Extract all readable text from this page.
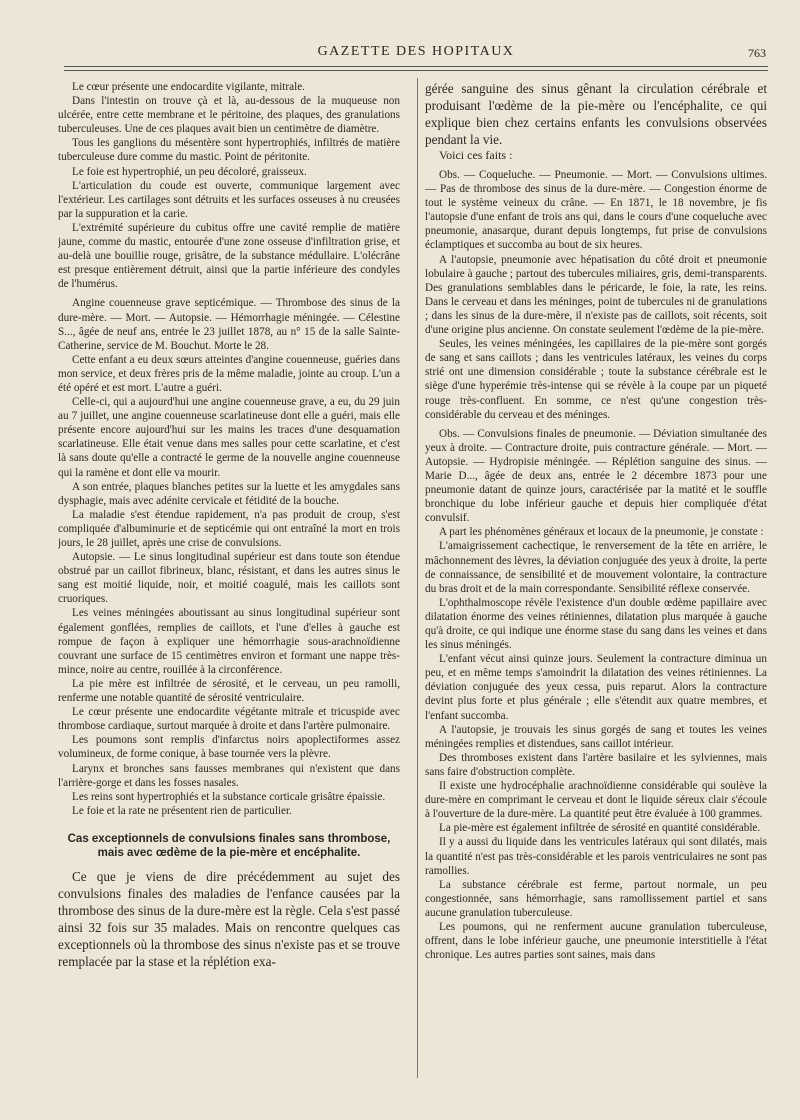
GAZETTE DES HOPITAUX	763

Le cœur présente une endocardite vigilante, mitrale.

Dans l'intestin on trouve çà et là, au-dessous de la muqueuse non ulcérée, entre cette membrane et le péritoine, des plaques, des granulations tuberculeuses. Une de ces plaques avait bien un centimètre de diamètre.

Tous les ganglions du mésentère sont hypertrophiés, infiltrés de matière tuberculeuse dure comme du mastic. Point de péritonite.

Le foie est hypertrophié, un peu décoloré, graisseux.

L'articulation du coude est ouverte, communique largement avec l'extérieur. Les cartilages sont détruits et les surfaces osseuses à nu creusées par la suppuration et la carie.

L'extrémité supérieure du cubitus offre une cavité remplie de matière jaune, comme du mastic, entourée d'une zone osseuse d'infiltration grise, et au-delà une bouillie rouge, grisâtre, de la substance médullaire. L'olécrâne est presque entièrement détruit, ainsi que la partie inférieure des condyles de l'humérus.

Angine couenneuse grave septicémique. — Thrombose des sinus de la dure-mère. — Mort. — Autopsie. — Hémorrhagie méningée. — Célestine S..., âgée de neuf ans, entrée le 23 juillet 1878, au n° 15 de la salle Sainte-Catherine, service de M. Bouchut. Morte le 28.

Cette enfant a eu deux sœurs atteintes d'angine couenneuse, guéries dans mon service, et deux frères pris de la même maladie, jointe au croup. L'un a été opéré et est mort. L'autre a guéri.

Celle-ci, qui a aujourd'hui une angine couenneuse grave, a eu, du 29 juin au 7 juillet, une angine couenneuse scarlatineuse dont elle a guéri, mais elle présente encore aujourd'hui sur les mains les traces d'une desquamation scarlatineuse. Elle était venue dans mes salles pour cette scarlatine, et c'est là sans doute qu'elle a contracté le germe de la nouvelle angine couenneuse qui la ramène et dont elle va mourir.

A son entrée, plaques blanches petites sur la luette et les amygdales sans dysphagie, mais avec adénite cervicale et fétidité de la bouche.

La maladie s'est étendue rapidement, n'a pas produit de croup, s'est compliquée d'albuminurie et de septicémie qui ont entraîné la mort en trois jours, le 28 juillet, après une crise de convulsions.

Autopsie. — Le sinus longitudinal supérieur est dans toute son étendue obstrué par un caillot fibrineux, blanc, résistant, et dans les autres sinus le sang est moitié liquide, noir, et moitié coagulé, mais les caillots sont cruoriques.

Les veines méningées aboutissant au sinus longitudinal supérieur sont également gonflées, remplies de caillots, et l'une d'elles à gauche est rompue de façon à expliquer une hémorrhagie sous-arachnoïdienne couvrant une surface de 15 centimètres environ et formant une nappe très-mince, noire au centre, rouillée à la circonférence.

La pie mère est infiltrée de sérosité, et le cerveau, un peu ramolli, renferme une notable quantité de sérosité ventriculaire.

Le cœur présente une endocardite végétante mitrale et tricuspide avec thrombose cardiaque, surtout marquée à droite et dans l'artère pulmonaire.

Les poumons sont remplis d'infarctus noirs apoplectiformes assez volumineux, de forme conique, à base tournée vers la plèvre.

Larynx et bronches sans fausses membranes qui n'existent que dans l'arrière-gorge et dans les fosses nasales.

Les reins sont hypertrophiés et la substance corticale grisâtre épaissie.

Le foie et la rate ne présentent rien de particulier.

Cas exceptionnels de convulsions finales sans thrombose, mais avec œdème de la pie-mère et encéphalite.

Ce que je viens de dire précédemment au sujet des convulsions finales des maladies de l'enfance causées par la thrombose des sinus de la dure-mère est la règle. Cela s'est passé ainsi 32 fois sur 35 malades. Mais on rencontre quelques cas exceptionnels où la thrombose des sinus n'existe pas et se trouve remplacée par la stase et la réplétion exa-

gérée sanguine des sinus gênant la circulation cérébrale et produisant l'œdème de la pie-mère ou l'encéphalite, ce qui explique bien chez certains enfants les convulsions observées pendant la vie.

Voici ces faits :

Obs. — Coqueluche. — Pneumonie. — Mort. — Convulsions ultimes. — Pas de thrombose des sinus de la dure-mère. — Congestion énorme de tout le système veineux du crâne. — En 1871, le 18 novembre, je fis l'autopsie d'une enfant de trois ans qui, dans le cours d'une coqueluche avec pneumonie, anasarque, durant depuis longtemps, fut prise de convulsions éclamptiques et succomba au bout de six heures.

A l'autopsie, pneumonie avec hépatisation du côté droit et pneumonie lobulaire à gauche ; partout des tubercules miliaires, gris, demi-transparents. Des granulations semblables dans le péricarde, le foie, la rate, les reins. Dans le cerveau et dans les méninges, point de tubercules ni de granulations ; dans les sinus de la dure-mère, il n'existe pas de caillots, soit récents, soit d'une origine plus ancienne. On constate seulement l'œdème de la pie-mère.

Seules, les veines méningées, les capillaires de la pie-mère sont gorgés de sang et sans caillots ; dans les ventricules latéraux, les veines du corps strié ont une dimension considérable ; toute la substance cérébrale est le siège d'une hyperémie très-intense qui se révèle à la coupe par un piqueté rouge très-confluent. En somme, ce n'est qu'une congestion très-considérable du cerveau et des méninges.

Obs. — Convulsions finales de pneumonie. — Déviation simultanée des yeux à droite. — Contracture droite, puis contracture générale. — Mort. — Autopsie. — Hydropisie méningée. — Réplétion sanguine des sinus. — Marie D..., âgée de deux ans, entrée le 2 décembre 1873 pour une pneumonie datant de quinze jours, caractérisée par la matité et le souffle bronchique du lobe inférieur gauche et depuis hier compliquée d'état convulsif.

A part les phénomènes généraux et locaux de la pneumonie, je constate :

L'amaigrissement cachectique, le renversement de la tête en arrière, le mâchonnement des lèvres, la déviation conjuguée des yeux à droite, la perte de connaissance, de sensibilité et de mouvement volontaire, la contracture du bras droit et de la main correspondante. Sensibilité réflexe conservée.

L'ophthalmoscope révèle l'existence d'un double œdème papillaire avec dilatation énorme des veines rétiniennes, dilatation plus marquée à gauche qu'à droite, ce qui indique une énorme stase du sang dans les veines et dans les sinus méningés.

L'enfant vécut ainsi quinze jours. Seulement la contracture diminua un peu, et en même temps s'amoindrit la dilatation des veines rétiniennes. La déviation conjuguée des yeux cessa, puis reparut. Alors la contracture devint plus forte et plus générale ; elle s'étendit aux quatre membres, et l'enfant succomba.

A l'autopsie, je trouvais les sinus gorgés de sang et toutes les veines méningées remplies et distendues, sans caillot intérieur.

Des thromboses existent dans l'artère basilaire et les sylviennes, mais sans faire d'obstruction complète.

Il existe une hydrocéphalie arachnoïdienne considérable qui soulève la dure-mère en comprimant le cerveau et dont le liquide séreux clair s'écoule à l'ouverture de la dure-mère. La quantité peut être évaluée à 100 grammes.

La pie-mère est également infiltrée de sérosité en quantité considérable.

Il y a aussi du liquide dans les ventricules latéraux qui sont dilatés, mais la quantité n'est pas très-considérable et les parois ventriculaires ne sont pas ramollies.

La substance cérébrale est ferme, partout normale, un peu congestionnée, sans hémorrhagie, sans ramollissement partiel et sans aucune granulation tuberculeuse.

Les poumons, qui ne renferment aucune granulation tuberculeuse, offrent, dans le lobe inférieur gauche, une pneumonie interstitielle à l'état chronique. Les autres parties sont saines, mais dans
